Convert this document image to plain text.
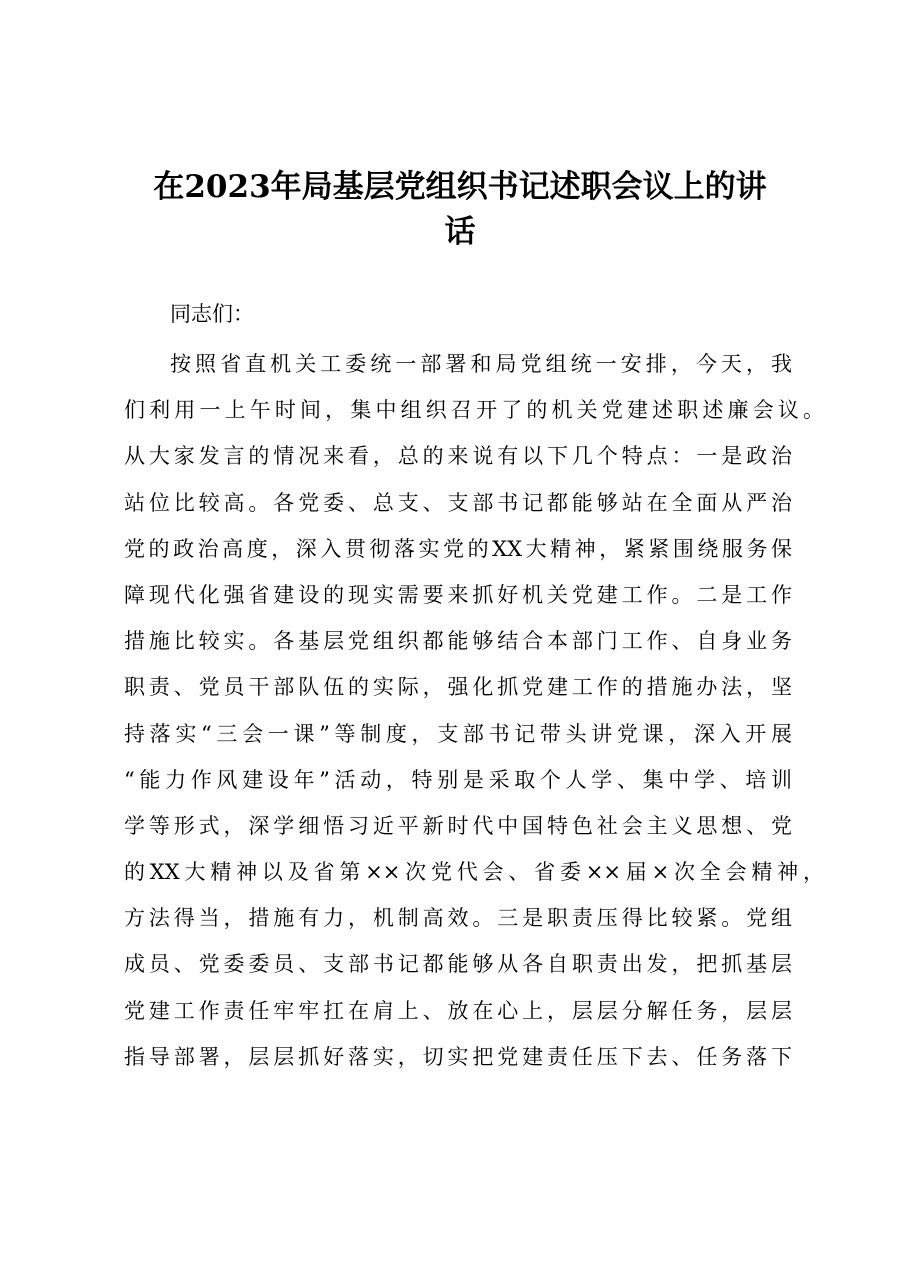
在2023年局基层党组织书记述职会议上的讲
话

同志们：

按照省直机关工委统一部署和局党组统一安排，今天，我
们利用一上午时间，集中组织召开了的机关党建述职述廉会议。
从大家发言的情况来看，总的来说有以下几个特点：一是政治
站位比较高。各党委、总支、支部书记都能够站在全面从严治
党的政治高度，深入贯彻落实党的XX大精神，紧紧围绕服务保
障现代化强省建设的现实需要来抓好机关党建工作。二是工作
措施比较实。各基层党组织都能够结合本部门工作、自身业务
职责、党员干部队伍的实际，强化抓党建工作的措施办法，坚
持落实“三会一课”等制度，支部书记带头讲党课，深入开展
“能力作风建设年”活动，特别是采取个人学、集中学、培训
学等形式，深学细悟习近平新时代中国特色社会主义思想、党
的XX大精神以及省第××次党代会、省委××届×次全会精神，
方法得当，措施有力，机制高效。三是职责压得比较紧。党组
成员、党委委员、支部书记都能够从各自职责出发，把抓基层
党建工作责任牢牢扛在肩上、放在心上，层层分解任务，层层
指导部署，层层抓好落实，切实把党建责任压下去、任务落下
